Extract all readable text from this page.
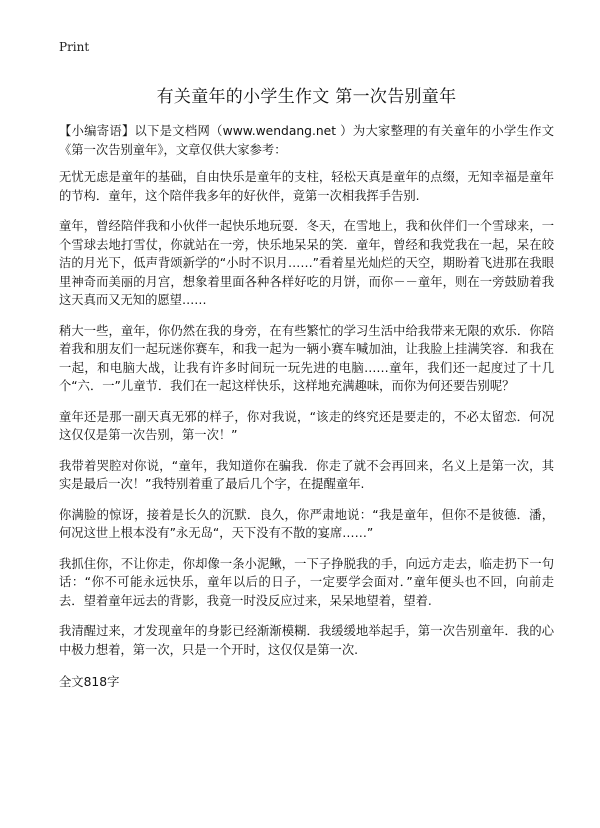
Print

有关童年的小学生作文 第一次告别童年

【小编寄语】以下是文档网（www.wendang.net ）为大家整理的有关童年的小学生作文《第一次告别童年》，文章仅供大家参考：

无忧无虑是童年的基础，自由快乐是童年的支柱，轻松天真是童年的点缀，无知幸福是童年的节构．童年，这个陪伴我多年的好伙伴，竟第一次相我挥手告别.

童年，曾经陪伴我和小伙伴一起快乐地玩耍．冬天，在雪地上，我和伙伴们一个雪球来，一个雪球去地打雪仗，你就站在一旁，快乐地呆呆的笑．童年，曾经和我党我在一起，呆在皎洁的月光下，低声背颂新学的“小时不识月……”看着星光灿烂的天空，期盼着飞进那在我眼里神奇而美丽的月宫，想象着里面各种各样好吃的月饼，而你－－童年，则在一旁鼓励着我这天真而又无知的愿望……

稍大一些，童年，你仍然在我的身旁，在有些繁忙的学习生活中给我带来无限的欢乐．你陪着我和朋友们一起玩迷你赛车，和我一起为一辆小赛车喊加油，让我脸上挂满笑容．和我在一起，和电脑大战，让我有许多时间玩一玩先进的电脑……童年，我们还一起度过了十几个“六．一”儿童节．我们在一起这样快乐，这样地充满趣味，而你为何还要告别呢？

童年还是那一副天真无邪的样子，你对我说，“该走的终究还是要走的，不必太留恋．何况这仅仅是第一次告别，第一次！”

我带着哭腔对你说，“童年，我知道你在骗我．你走了就不会再回来，名义上是第一次，其实是最后一次！”我特别着重了最后几个字，在提醒童年.

你满脸的惊讶，接着是长久的沉默．良久，你严肃地说：“我是童年，但你不是彼德．潘，何况这世上根本没有”永无岛“，天下没有不散的宴席……”

我抓住你，不让你走，你却像一条小泥鳅，一下子挣脱我的手，向远方走去，临走扔下一句话：“你不可能永远快乐，童年以后的日子，一定要学会面对．”童年便头也不回，向前走去．望着童年远去的背影，我竟一时没反应过来，呆呆地望着，望着.

我清醒过来，才发现童年的身影已经渐渐模糊．我缓缓地举起手，第一次告别童年．我的心中极力想着，第一次，只是一个开时，这仅仅是第一次.

全文818字
